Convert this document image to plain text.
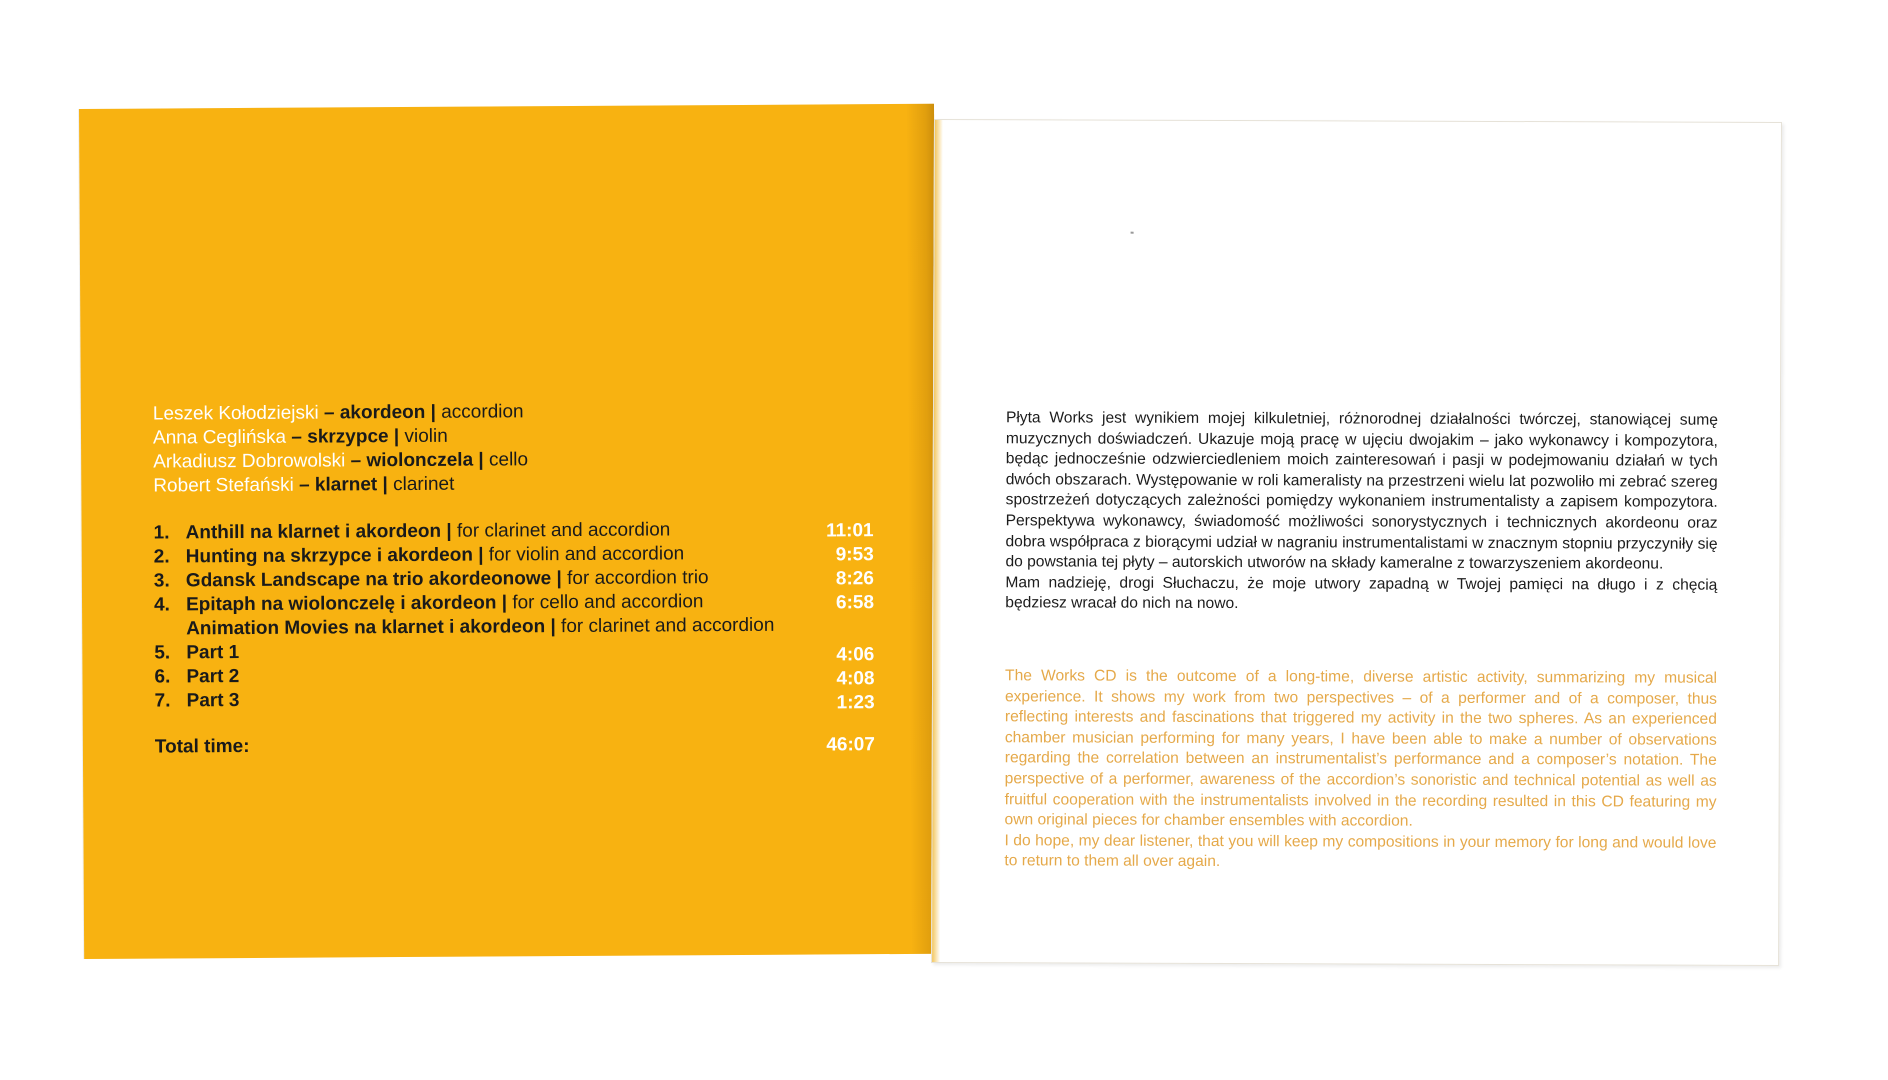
Leszek Kołodziejski – akordeon | accordion
Anna Ceglińska – skrzypce | violin
Arkadiusz Dobrowolski – wiolonczela | cello
Robert Stefański – klarnet | clarinet
1. Anthill na klarnet i akordeon | for clarinet and accordion	11:01
2. Hunting na skrzypce i akordeon | for violin and accordion	9:53
3. Gdansk Landscape na trio akordeonowe | for accordion trio	8:26
4. Epitaph na wiolonczelę i akordeon | for cello and accordion	6:58
Animation Movies na klarnet i akordeon | for clarinet and accordion
5. Part 1	4:06
6. Part 2	4:08
7. Part 3	1:23
Total time:	46:07

Płyta Works jest wynikiem mojej kilkuletniej, różnorodnej działalności twórczej, stanowiącej sumę muzycznych doświadczeń. Ukazuje moją pracę w ujęciu dwojakim – jako wykonawcy i kompozytora, będąc jednocześnie odzwierciedleniem moich zainteresowań i pasji w podejmowaniu działań w tych dwóch obszarach. Występowanie w roli kameralisty na przestrzeni wielu lat pozwoliło mi zebrać szereg spostrzeżeń dotyczących zależności pomiędzy wykonaniem instrumentalisty a zapisem kompozytora. Perspektywa wykonawcy, świadomość możliwości sonorystycznych i technicznych akordeonu oraz dobra współpraca z biorącymi udział w nagraniu instrumentalistami w znacznym stopniu przyczyniły się do powstania tej płyty – autorskich utworów na składy kameralne z towarzyszeniem akordeonu.

Mam nadzieję, drogi Słuchaczu, że moje utwory zapadną w Twojej pamięci na długo i z chęcią będziesz wracał do nich na nowo.

The Works CD is the outcome of a long-time, diverse artistic activity, summarizing my musical experience. It shows my work from two perspectives – of a performer and of a composer, thus reflecting interests and fascinations that triggered my activity in the two spheres. As an experienced chamber musician performing for many years, I have been able to make a number of observations regarding the correlation between an instrumentalist’s performance and a composer’s notation. The perspective of a performer, awareness of the accordion’s sonoristic and technical potential as well as fruitful cooperation with the instrumentalists involved in the recording resulted in this CD featuring my own original pieces for chamber ensembles with accordion.

I do hope, my dear listener, that you will keep my compositions in your memory for long and would love to return to them all over again.
